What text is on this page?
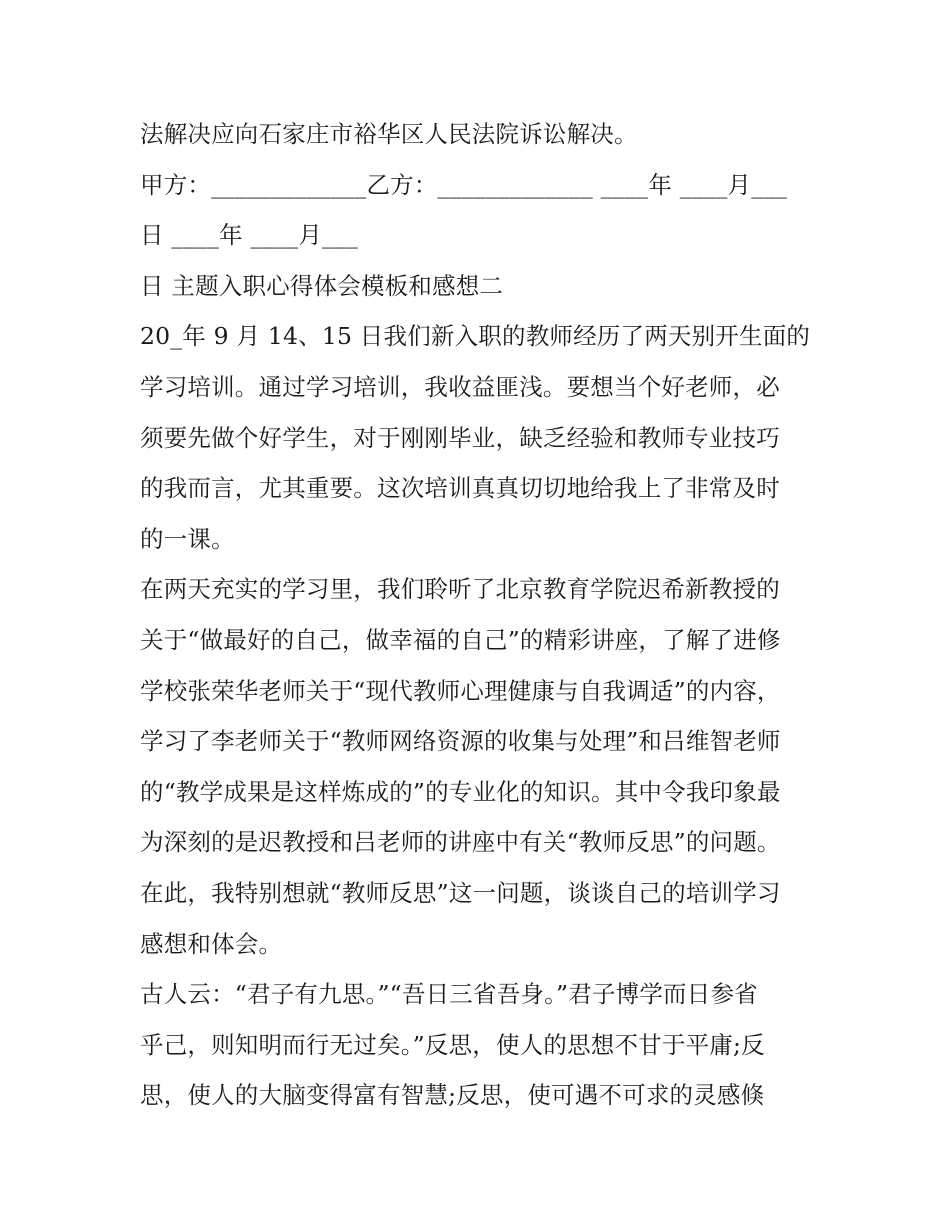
法解决应向石家庄市裕华区人民法院诉讼解决。
甲方：_____________乙方：_____________ ____年 ____月___
日 ____年 ____月___
日 主题入职心得体会模板和感想二
20_年 9 月 14、15 日我们新入职的教师经历了两天别开生面的
学习培训。通过学习培训，我收益匪浅。要想当个好老师，必
须要先做个好学生，对于刚刚毕业，缺乏经验和教师专业技巧
的我而言，尤其重要。这次培训真真切切地给我上了非常及时
的一课。
在两天充实的学习里，我们聆听了北京教育学院迟希新教授的
关于“做最好的自己，做幸福的自己”的精彩讲座，了解了进修
学校张荣华老师关于“现代教师心理健康与自我调适”的内容，
学习了李老师关于“教师网络资源的收集与处理”和吕维智老师
的“教学成果是这样炼成的”的专业化的知识。其中令我印象最
为深刻的是迟教授和吕老师的讲座中有关“教师反思”的问题。
在此，我特别想就“教师反思”这一问题，谈谈自己的培训学习
感想和体会。
古人云：“君子有九思。”“吾日三省吾身。”君子博学而日参省
乎己，则知明而行无过矣。”反思，使人的思想不甘于平庸;反
思，使人的大脑变得富有智慧;反思，使可遇不可求的灵感倏
